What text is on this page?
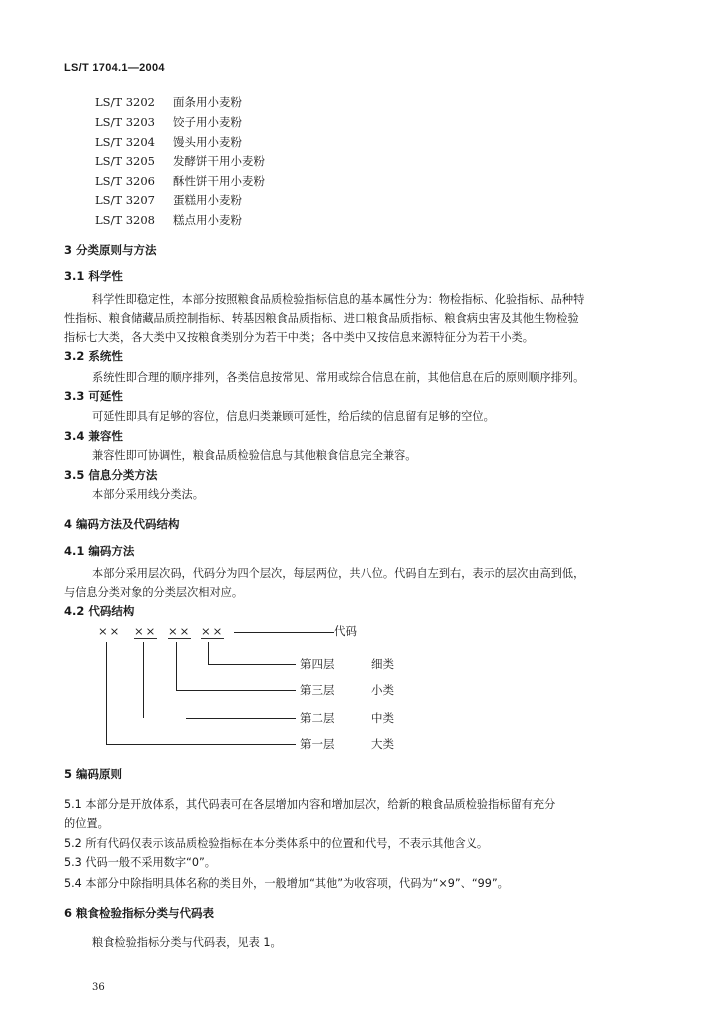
LS/T 1704.1—2004
LS/T 3202 面条用小麦粉
LS/T 3203 饺子用小麦粉
LS/T 3204 馒头用小麦粉
LS/T 3205 发酵饼干用小麦粉
LS/T 3206 酥性饼干用小麦粉
LS/T 3207 蛋糕用小麦粉
LS/T 3208 糕点用小麦粉
3 分类原则与方法
3.1 科学性
科学性即稳定性，本部分按照粮食品质检验指标信息的基本属性分为：物检指标、化验指标、品种特
性指标、粮食储藏品质控制指标、转基因粮食品质指标、进口粮食品质指标、粮食病虫害及其他生物检验
指标七大类，各大类中又按粮食类别分为若干中类；各中类中又按信息来源特征分为若干小类。
3.2 系统性
系统性即合理的顺序排列，各类信息按常见、常用或综合信息在前，其他信息在后的原则顺序排列。
3.3 可延性
可延性即具有足够的容位，信息归类兼顾可延性，给后续的信息留有足够的空位。
3.4 兼容性
兼容性即可协调性，粮食品质检验信息与其他粮食信息完全兼容。
3.5 信息分类方法
本部分采用线分类法。
4 编码方法及代码结构
4.1 编码方法
本部分采用层次码，代码分为四个层次，每层两位，共八位。代码自左到右，表示的层次由高到低，
与信息分类对象的分类层次相对应。
4.2 代码结构
×× ×× ×× ××	代码
第四层	细类
第三层	小类
第二层	中类
第一层	大类
5 编码原则
5.1 本部分是开放体系，其代码表可在各层增加内容和增加层次，给新的粮食品质检验指标留有充分
的位置。
5.2 所有代码仅表示该品质检验指标在本分类体系中的位置和代号，不表示其他含义。
5.3 代码一般不采用数字“0”。
5.4 本部分中除指明具体名称的类目外，一般增加“其他”为收容项，代码为“×9”、“99”。
6 粮食检验指标分类与代码表
粮食检验指标分类与代码表，见表 1。
36
